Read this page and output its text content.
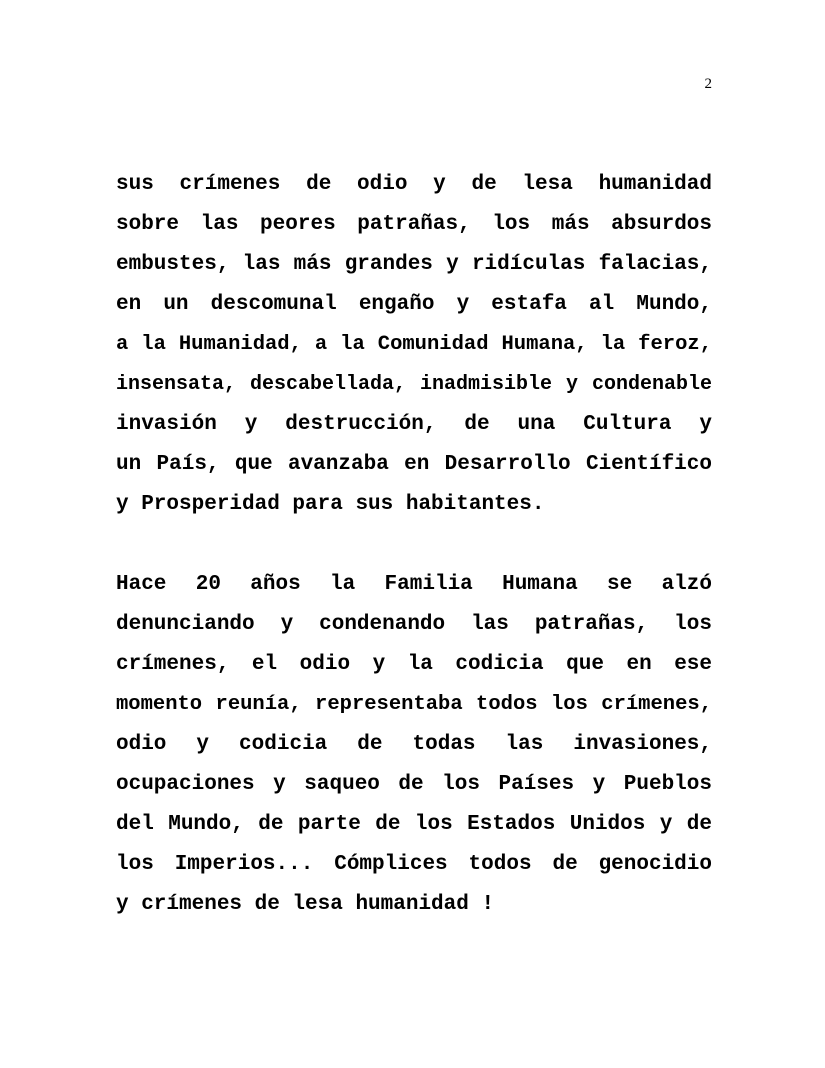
2
sus crímenes de odio y de lesa humanidad
sobre las peores patrañas, los más absurdos
embustes, las más grandes y ridículas falacias,
en un descomunal engaño y estafa al Mundo,
a la Humanidad, a la Comunidad Humana, la feroz,
insensata, descabellada, inadmisible y condenable
invasión y destrucción, de una Cultura y
un País, que avanzaba en Desarrollo Científico
y Prosperidad para sus habitantes.
Hace 20 años la Familia Humana se alzó
denunciando y condenando las patrañas, los
crímenes, el odio y la codicia que en ese
momento reunía, representaba todos los crímenes,
odio y codicia de todas las invasiones,
ocupaciones y saqueo de los Países y Pueblos
del Mundo, de parte de los Estados Unidos y de
los Imperios... Cómplices todos de genocidio
y crímenes de lesa humanidad !
